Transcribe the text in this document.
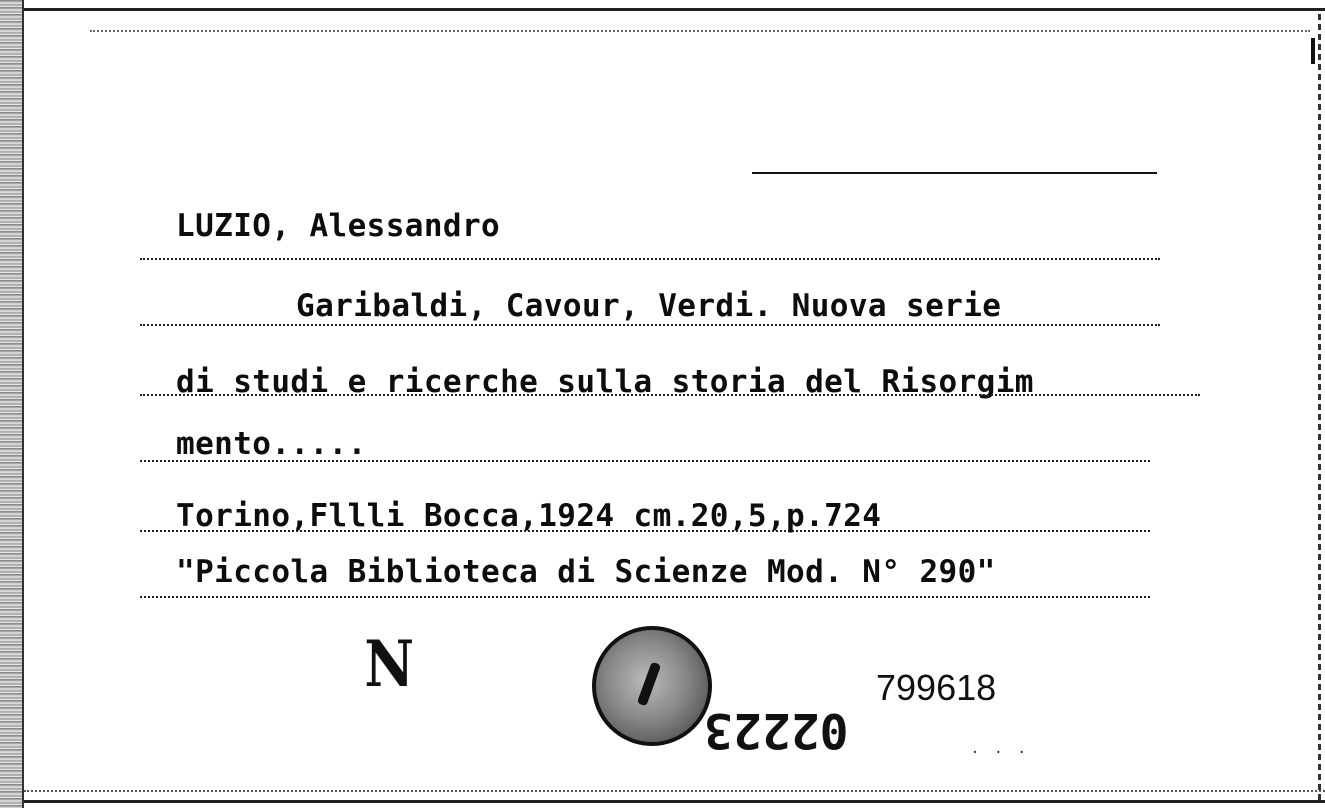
LUZIO, Alessandro
Garibaldi, Cavour, Verdi. Nuova serie
di studi e ricerche sulla storia del Risorgim
mento.....
Torino,Fllli Bocca,1924 cm.20,5,p.724
"Piccola Biblioteca di Scienze Mod. N° 290"
N	799618
02223	· · ·
